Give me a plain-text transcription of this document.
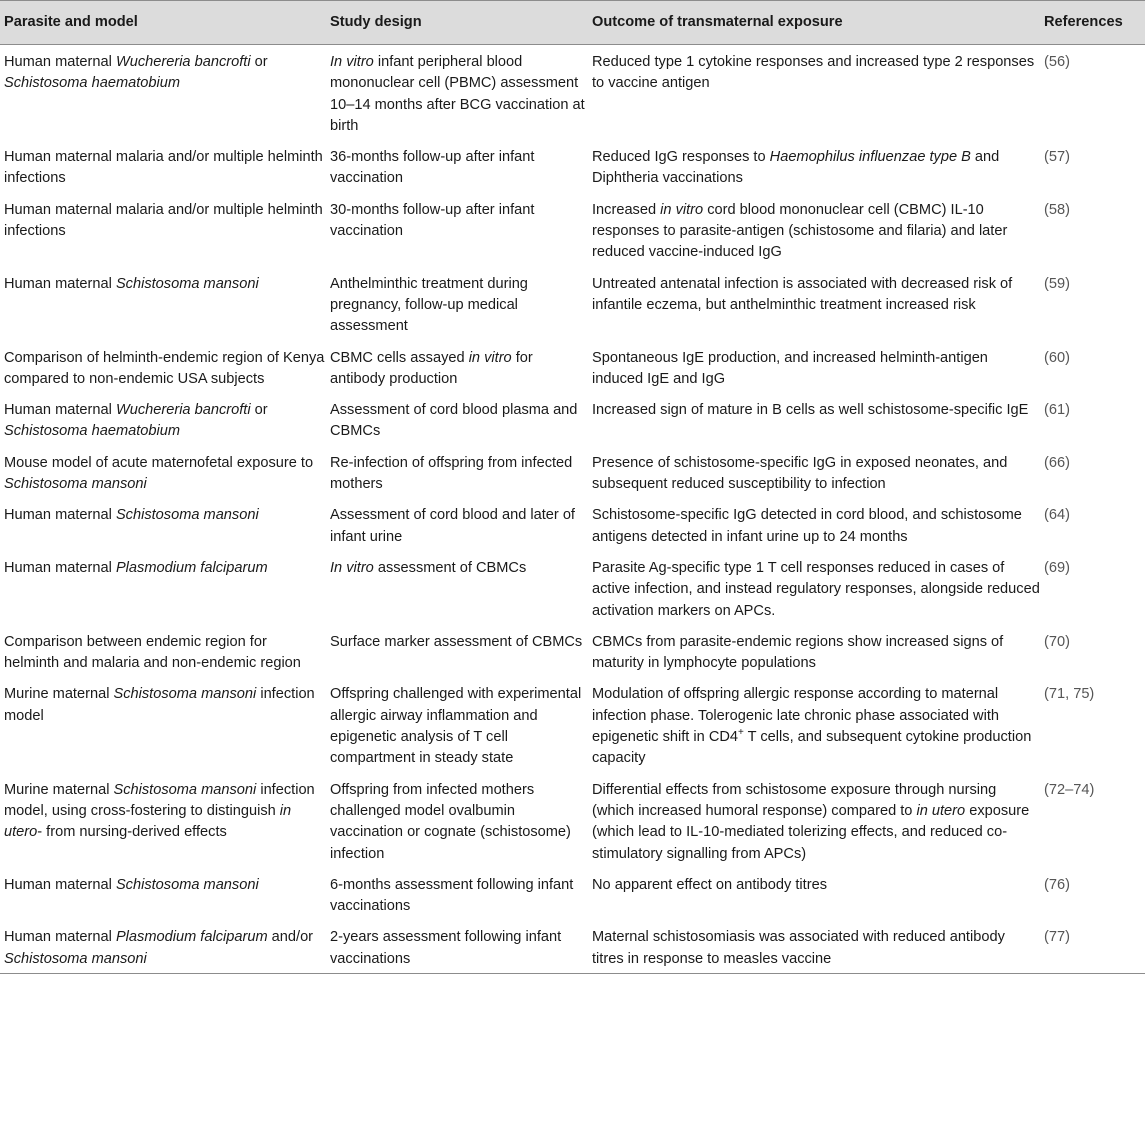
Parasite and model	Study design	Outcome of transmaternal exposure	References
Human maternal Wuchereria bancrofti or Schistosoma haematobium	In vitro infant peripheral blood mononuclear cell (PBMC) assessment 10–14 months after BCG vaccination at birth	Reduced type 1 cytokine responses and increased type 2 responses to vaccine antigen	(56)
Human maternal malaria and/or multiple helminth infections	36-months follow-up after infant vaccination	Reduced IgG responses to Haemophilus influenzae type B and Diphtheria vaccinations	(57)
Human maternal malaria and/or multiple helminth infections	30-months follow-up after infant vaccination	Increased in vitro cord blood mononuclear cell (CBMC) IL-10 responses to parasite-antigen (schistosome and filaria) and later reduced vaccine-induced IgG	(58)
Human maternal Schistosoma mansoni	Anthelminthic treatment during pregnancy, follow-up medical assessment	Untreated antenatal infection is associated with decreased risk of infantile eczema, but anthelminthic treatment increased risk	(59)
Comparison of helminth-endemic region of Kenya compared to non-endemic USA subjects	CBMC cells assayed in vitro for antibody production	Spontaneous IgE production, and increased helminth-antigen induced IgE and IgG	(60)
Human maternal Wuchereria bancrofti or Schistosoma haematobium	Assessment of cord blood plasma and CBMCs	Increased sign of mature in B cells as well schistosome-specific IgE	(61)
Mouse model of acute maternofetal exposure to Schistosoma mansoni	Re-infection of offspring from infected mothers	Presence of schistosome-specific IgG in exposed neonates, and subsequent reduced susceptibility to infection	(66)
Human maternal Schistosoma mansoni	Assessment of cord blood and later of infant urine	Schistosome-specific IgG detected in cord blood, and schistosome antigens detected in infant urine up to 24 months	(64)
Human maternal Plasmodium falciparum	In vitro assessment of CBMCs	Parasite Ag-specific type 1 T cell responses reduced in cases of active infection, and instead regulatory responses, alongside reduced activation markers on APCs.	(69)
Comparison between endemic region for helminth and malaria and non-endemic region	Surface marker assessment of CBMCs	CBMCs from parasite-endemic regions show increased signs of maturity in lymphocyte populations	(70)
Murine maternal Schistosoma mansoni infection model	Offspring challenged with experimental allergic airway inflammation and epigenetic analysis of T cell compartment in steady state	Modulation of offspring allergic response according to maternal infection phase. Tolerogenic late chronic phase associated with epigenetic shift in CD4+ T cells, and subsequent cytokine production capacity	(71, 75)
Murine maternal Schistosoma mansoni infection model, using cross-fostering to distinguish in utero- from nursing-derived effects	Offspring from infected mothers challenged model ovalbumin vaccination or cognate (schistosome) infection	Differential effects from schistosome exposure through nursing (which increased humoral response) compared to in utero exposure (which lead to IL-10-mediated tolerizing effects, and reduced co-stimulatory signalling from APCs)	(72–74)
Human maternal Schistosoma mansoni	6-months assessment following infant vaccinations	No apparent effect on antibody titres	(76)
Human maternal Plasmodium falciparum and/or Schistosoma mansoni	2-years assessment following infant vaccinations	Maternal schistosomiasis was associated with reduced antibody titres in response to measles vaccine	(77)
